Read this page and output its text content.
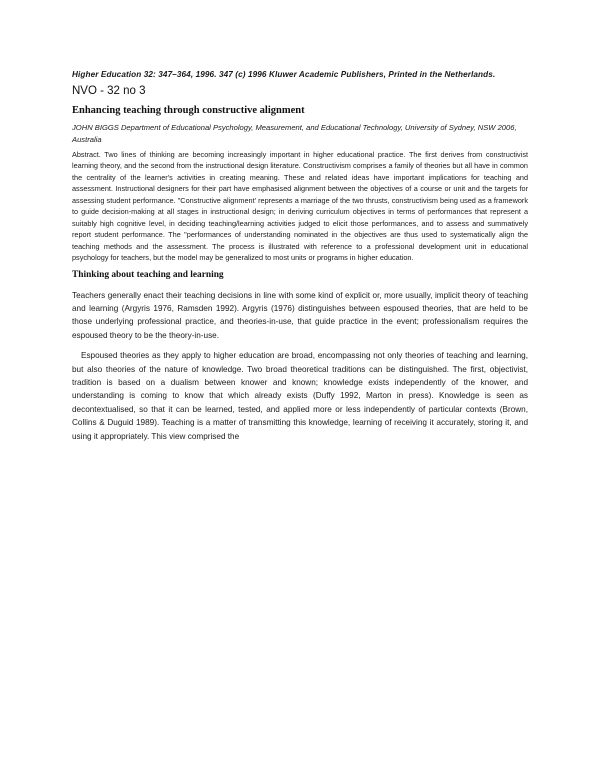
Higher Education 32: 347–364, 1996. 347 (c) 1996 Kluwer Academic Publishers, Printed in the Netherlands.
NVO - 32 no 3
Enhancing teaching through constructive alignment
JOHN BIGGS Department of Educational Psychology, Measurement, and Educational Technology, University of Sydney, NSW 2006, Australia
Abstract. Two lines of thinking are becoming increasingly important in higher educational practice. The first derives from constructivist learning theory, and the second from the instructional design literature. Constructivism comprises a family of theories but all have in common the centrality of the learner's activities in creating meaning. These and related ideas have important implications for teaching and assessment. Instructional designers for their part have emphasised alignment between the objectives of a course or unit and the targets for assessing student performance. "Constructive alignment' represents a marriage of the two thrusts, constructivism being used as a framework to guide decision-making at all stages in instructional design; in deriving curriculum objectives in terms of performances that represent a suitably high cognitive level, in deciding teaching/learning activities judged to elicit those performances, and to assess and summatively report student performance. The "performances of understanding nominated in the objectives are thus used to systematically align the teaching methods and the assessment. The process is illustrated with reference to a professional development unit in educational psychology for teachers, but the model may be generalized to most units or programs in higher education.
Thinking about teaching and learning

Teachers generally enact their teaching decisions in line with some kind of explicit or, more usually, implicit theory of teaching and learning (Argyris 1976, Ramsden 1992). Argyris (1976) distinguishes between espoused theories, that are held to be those underlying professional practice, and theories-in-use, that guide practice in the event; professionalism requires the espoused theory to be the theory-in-use.

Espoused theories as they apply to higher education are broad, encompassing not only theories of teaching and learning, but also theories of the nature of knowledge. Two broad theoretical traditions can be distinguished. The first, objectivist, tradition is based on a dualism between knower and known; knowledge exists independently of the knower, and understanding is coming to know that which already exists (Duffy 1992, Marton in press). Knowledge is seen as decontextualised, so that it can be learned, tested, and applied more or less independently of particular contexts (Brown, Collins & Duguid 1989). Teaching is a matter of transmitting this knowledge, learning of receiving it accurately, storing it, and using it appropriately. This view comprised the
